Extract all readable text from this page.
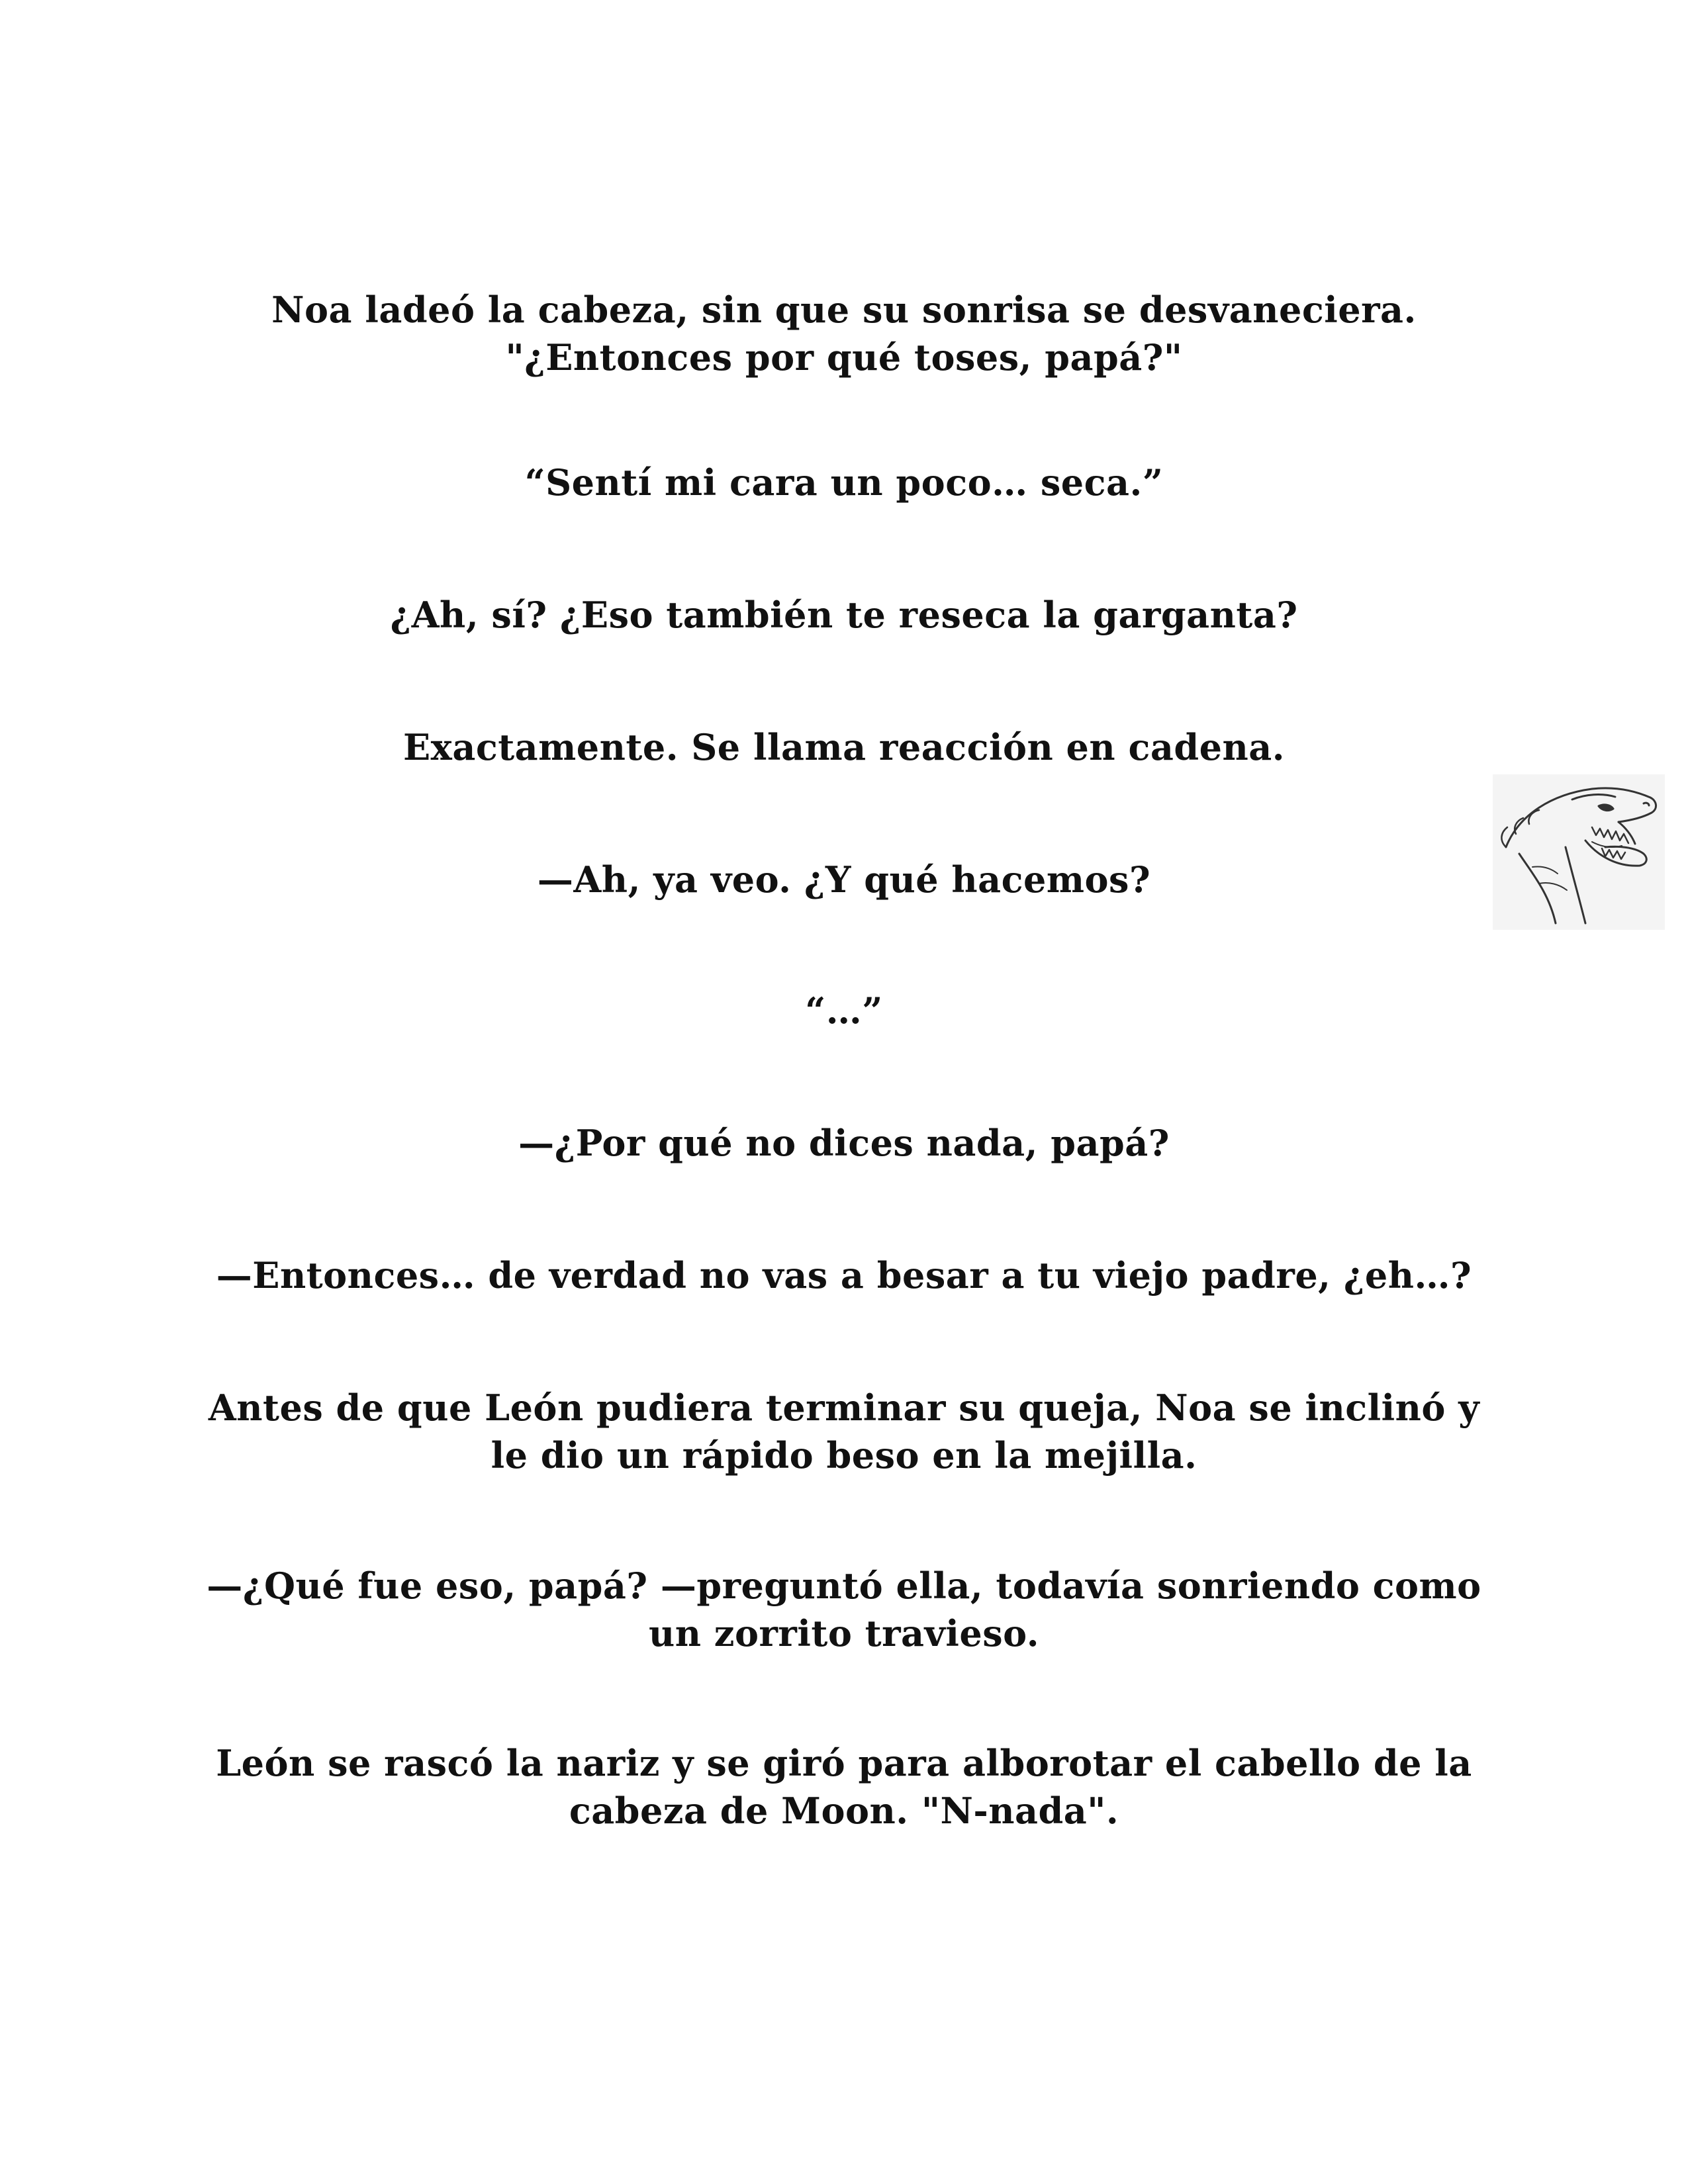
Noa ladeó la cabeza, sin que su sonrisa se desvaneciera.
"¿Entonces por qué toses, papá?"

“Sentí mi cara un poco… seca.”

¿Ah, sí? ¿Eso también te reseca la garganta?

Exactamente. Se llama reacción en cadena.

—Ah, ya veo. ¿Y qué hacemos?

“…”

—¿Por qué no dices nada, papá?

—Entonces… de verdad no vas a besar a tu viejo padre, ¿eh…?

Antes de que León pudiera terminar su queja, Noa se inclinó y
le dio un rápido beso en la mejilla.

—¿Qué fue eso, papá? —preguntó ella, todavía sonriendo como
un zorrito travieso.

León se rascó la nariz y se giró para alborotar el cabello de la
cabeza de Moon. "N-nada".
